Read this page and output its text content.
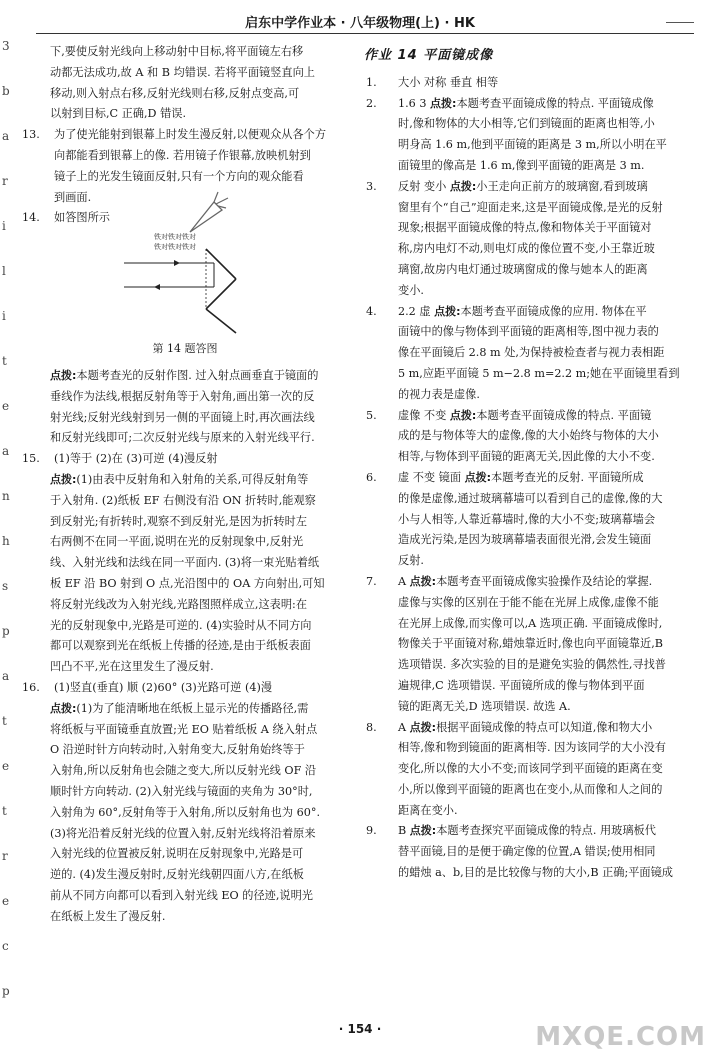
启东中学作业本 · 八年级物理(上) · HK
3
b
a
r
i
l
i
t
e
a
n
h
s
p
a
t
e
t
r
e
c
p
下,要使反射光线向上移动射中目标,将平面镜左右移
动都无法成功,故 A 和 B 均错误. 若将平面镜竖直向上
移动,则入射点右移,反射光线则右移,反射点变高,可
以射到目标,C 正确,D 错误.
13.	为了使光能射到银幕上时发生漫反射,以便观众从各个方
向都能看到银幕上的像. 若用镜子作银幕,放映机射到
镜子上的光发生镜面反射,只有一个方向的观众能看
到画面.
14.	如答图所示
铁对铁对铁对
铁对铁对铁对
第 14 题答图
点拨:本题考查光的反射作图. 过入射点画垂直于镜面的
垂线作为法线,根据反射角等于入射角,画出第一次的反
射光线;反射光线射到另一侧的平面镜上时,再次画法线
和反射光线即可;二次反射光线与原来的入射光线平行.
15.	(1)等于 (2)在 (3)可逆 (4)漫反射
点拨:(1)由表中反射角和入射角的关系,可得反射角等
于入射角. (2)纸板 EF 右侧没有沿 ON 折转时,能观察
到反射光;有折转时,观察不到反射光,是因为折转时左
右两侧不在同一平面,说明在光的反射现象中,反射光
线、入射光线和法线在同一平面内. (3)将一束光贴着纸
板 EF 沿 BO 射到 O 点,光沿图中的 OA 方向射出,可知
将反射光线改为入射光线,光路图照样成立,这表明:在
光的反射现象中,光路是可逆的. (4)实验时从不同方向
都可以观察到光在纸板上传播的径迹,是由于纸板表面
凹凸不平,光在这里发生了漫反射.
16.	(1)竖直(垂直) 顺 (2)60° (3)光路可逆 (4)漫
点拨:(1)为了能清晰地在纸板上显示光的传播路径,需
将纸板与平面镜垂直放置;光 EO 贴着纸板 A 绕入射点
O 沿逆时针方向转动时,入射角变大,反射角始终等于
入射角,所以反射角也会随之变大,所以反射光线 OF 沿
顺时针方向转动. (2)入射光线与镜面的夹角为 30°时,
入射角为 60°,反射角等于入射角,所以反射角也为 60°.
(3)将光沿着反射光线的位置入射,反射光线将沿着原来
入射光线的位置被反射,说明在反射现象中,光路是可
逆的. (4)发生漫反射时,反射光线朝四面八方,在纸板
前从不同方向都可以看到入射光线 EO 的径迹,说明光
在纸板上发生了漫反射.
作业 14 平面镜成像
1.	大小 对称 垂直 相等
2.	1.6 3 点拨:本题考查平面镜成像的特点. 平面镜成像
时,像和物体的大小相等,它们到镜面的距离也相等,小
明身高 1.6 m,他到平面镜的距离是 3 m,所以小明在平
面镜里的像高是 1.6 m,像到平面镜的距离是 3 m.
3.	反射 变小 点拨:小王走向正前方的玻璃窗,看到玻璃
窗里有个“自己”迎面走来,这是平面镜成像,是光的反射
现象;根据平面镜成像的特点,像和物体关于平面镜对
称,房内电灯不动,则电灯成的像位置不变,小王靠近玻
璃窗,故房内电灯通过玻璃窗成的像与她本人的距离
变小.
4.	2.2 虚 点拨:本题考查平面镜成像的应用. 物体在平
面镜中的像与物体到平面镜的距离相等,图中视力表的
像在平面镜后 2.8 m 处,为保持被检查者与视力表相距
5 m,应距平面镜 5 m−2.8 m=2.2 m;她在平面镜里看到
的视力表是虚像.
5.	虚像 不变 点拨:本题考查平面镜成像的特点. 平面镜
成的是与物体等大的虚像,像的大小始终与物体的大小
相等,与物体到平面镜的距离无关,因此像的大小不变.
6.	虚 不变 镜面 点拨:本题考查光的反射. 平面镜所成
的像是虚像,通过玻璃幕墙可以看到自己的虚像,像的大
小与人相等,人靠近幕墙时,像的大小不变;玻璃幕墙会
造成光污染,是因为玻璃幕墙表面很光滑,会发生镜面
反射.
7.	A 点拨:本题考查平面镜成像实验操作及结论的掌握.
虚像与实像的区别在于能不能在光屏上成像,虚像不能
在光屏上成像,而实像可以,A 选项正确. 平面镜成像时,
物像关于平面镜对称,蜡烛靠近时,像也向平面镜靠近,B
选项错误. 多次实验的目的是避免实验的偶然性,寻找普
遍规律,C 选项错误. 平面镜所成的像与物体到平面
镜的距离无关,D 选项错误. 故选 A.
8.	A 点拨:根据平面镜成像的特点可以知道,像和物大小
相等,像和物到镜面的距离相等. 因为该同学的大小没有
变化,所以像的大小不变;而该同学到平面镜的距离在变
小,所以像到平面镜的距离也在变小,从而像和人之间的
距离在变小.
9.	B 点拨:本题考查探究平面镜成像的特点. 用玻璃板代
替平面镜,目的是便于确定像的位置,A 错误;使用相同
的蜡烛 a、b,目的是比较像与物的大小,B 正确;平面镜成
· 154 ·	MXQE.COM
